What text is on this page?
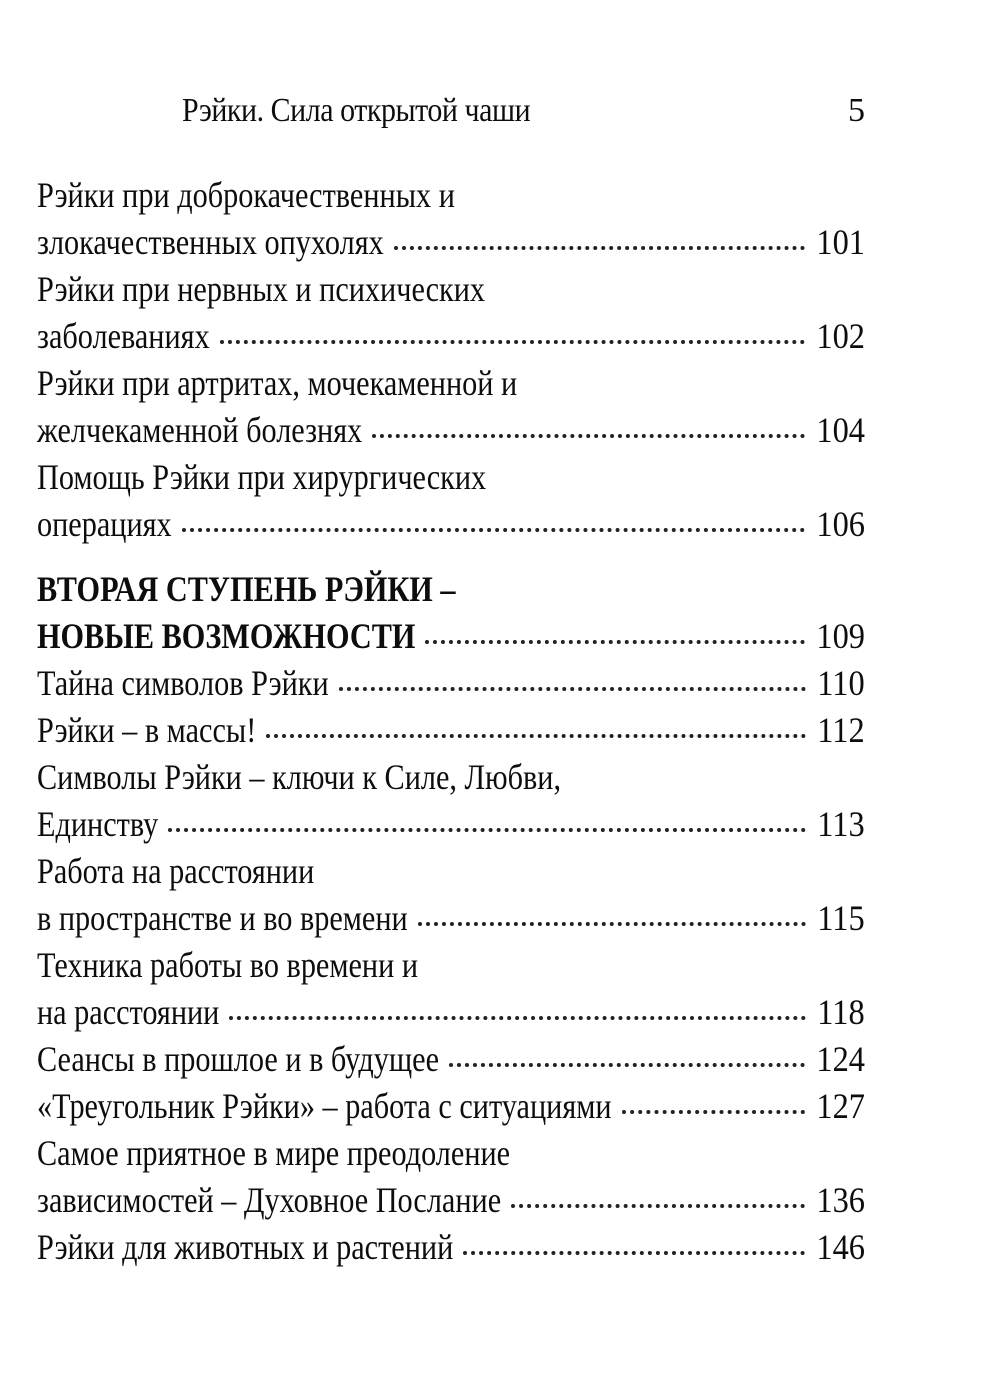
Рэйки. Сила открытой чаши	5
Рэйки при доброкачественных и
злокачественных опухолях	101
Рэйки при нервных и психических
заболеваниях	102
Рэйки при артритах, мочекаменной и
желчекаменной болезнях	104
Помощь Рэйки при хирургических
операциях	106
ВТОРАЯ СТУПЕНЬ РЭЙКИ –
НОВЫЕ ВОЗМОЖНОСТИ	109
Тайна символов Рэйки	110
Рэйки – в массы!	112
Символы Рэйки – ключи к Силе, Любви,
Единству	113
Работа на расстоянии
в пространстве и во времени	115
Техника работы во времени и
на расстоянии	118
Сеансы в прошлое и в будущее	124
«Треугольник Рэйки» – работа с ситуациями	127
Самое приятное в мире преодоление
зависимостей – Духовное Послание	136
Рэйки для животных и растений	146
